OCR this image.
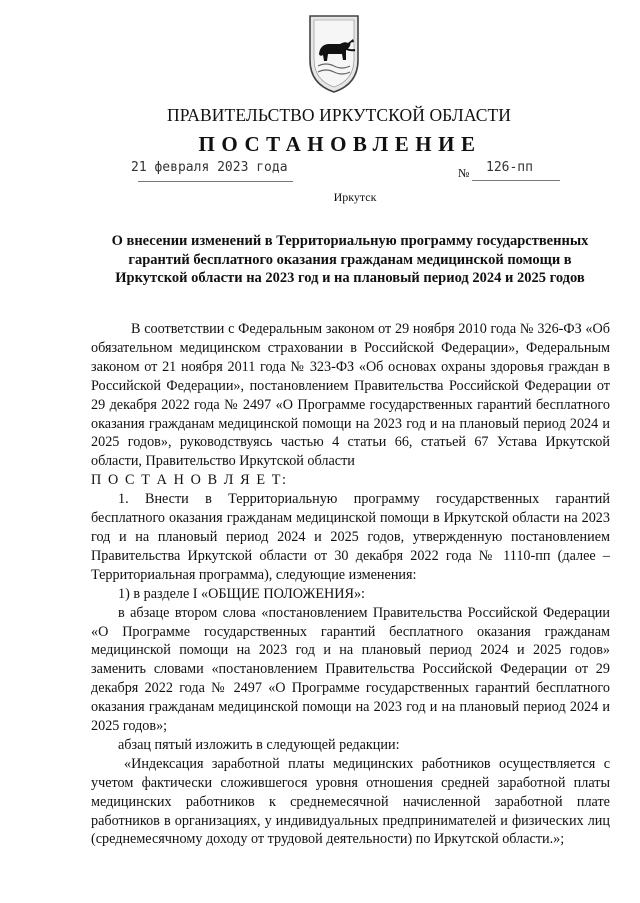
ПРАВИТЕЛЬСТВО ИРКУТСКОЙ ОБЛАСТИ
ПОСТАНОВЛЕНИЕ
21 февраля 2023 года	№ 126-пп
Иркутск
О внесении изменений в Территориальную программу государственных гарантий бесплатного оказания гражданам медицинской помощи в Иркутской области на 2023 год и на плановый период 2024 и 2025 годов

В соответствии с Федеральным законом от 29 ноября 2010 года № 326-ФЗ «Об обязательном медицинском страховании в Российской Федерации», Федеральным законом от 21 ноября 2011 года № 323-ФЗ «Об основах охраны здоровья граждан в Российской Федерации», постановлением Правительства Российской Федерации от 29 декабря 2022 года № 2497 «О Программе государственных гарантий бесплатного оказания гражданам медицинской помощи на 2023 год и на плановый период 2024 и 2025 годов», руководствуясь частью 4 статьи 66, статьей 67 Устава Иркутской области, Правительство Иркутской области

П О С Т А Н О В Л Я Е Т:

1. Внести в Территориальную программу государственных гарантий бесплатного оказания гражданам медицинской помощи в Иркутской области на 2023 год и на плановый период 2024 и 2025 годов, утвержденную постановлением Правительства Иркутской области от 30 декабря 2022 года № 1110-пп (далее – Территориальная программа), следующие изменения:

1) в разделе I «ОБЩИЕ ПОЛОЖЕНИЯ»:

в абзаце втором слова «постановлением Правительства Российской Федерации «О Программе государственных гарантий бесплатного оказания гражданам медицинской помощи на 2023 год и на плановый период 2024 и 2025 годов» заменить словами «постановлением Правительства Российской Федерации от 29 декабря 2022 года № 2497 «О Программе государственных гарантий бесплатного оказания гражданам медицинской помощи на 2023 год и на плановый период 2024 и 2025 годов»;

абзац пятый изложить в следующей редакции:

«Индексация заработной платы медицинских работников осуществляется с учетом фактически сложившегося уровня отношения средней заработной платы медицинских работников к среднемесячной начисленной заработной плате работников в организациях, у индивидуальных предпринимателей и физических лиц (среднемесячному доходу от трудовой деятельности) по Иркутской области.»;
